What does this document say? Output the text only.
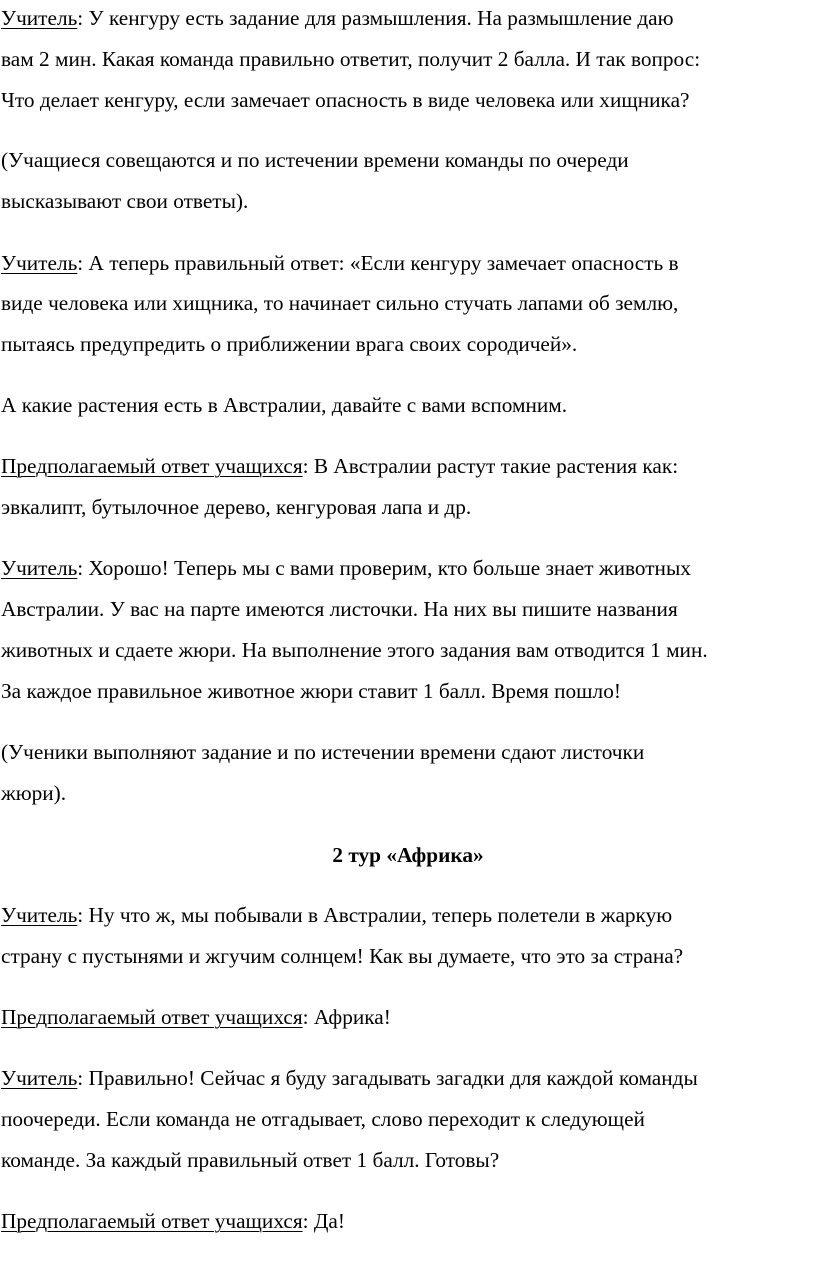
Учитель: У кенгуру есть задание для размышления. На размышление даю
вам 2 мин. Какая команда правильно ответит, получит 2 балла. И так вопрос:
Что делает кенгуру, если замечает опасность в виде человека или хищника?
(Учащиеся совещаются и по истечении времени команды по очереди
высказывают свои ответы).
Учитель: А теперь правильный ответ: «Если кенгуру замечает опасность в
виде человека или хищника, то начинает сильно стучать лапами об землю,
пытаясь предупредить о приближении врага своих сородичей».
А какие растения есть в Австралии, давайте с вами вспомним.
Предполагаемый ответ учащихся: В Австралии растут такие растения как:
эвкалипт, бутылочное дерево, кенгуровая лапа и др.
Учитель: Хорошо! Теперь мы с вами проверим, кто больше знает животных
Австралии. У вас на парте имеются листочки. На них вы пишите названия
животных и сдаете жюри. На выполнение этого задания вам отводится 1 мин.
За каждое правильное животное жюри ставит 1 балл. Время пошло!
(Ученики выполняют задание и по истечении времени сдают листочки
жюри).
2 тур «Африка»
Учитель: Ну что ж, мы побывали в Австралии, теперь полетели в жаркую
страну с пустынями и жгучим солнцем! Как вы думаете, что это за страна?
Предполагаемый ответ учащихся: Африка!
Учитель: Правильно! Сейчас я буду загадывать загадки для каждой команды
поочереди. Если команда не отгадывает, слово переходит к следующей
команде. За каждый правильный ответ 1 балл. Готовы?
Предполагаемый ответ учащихся: Да!
